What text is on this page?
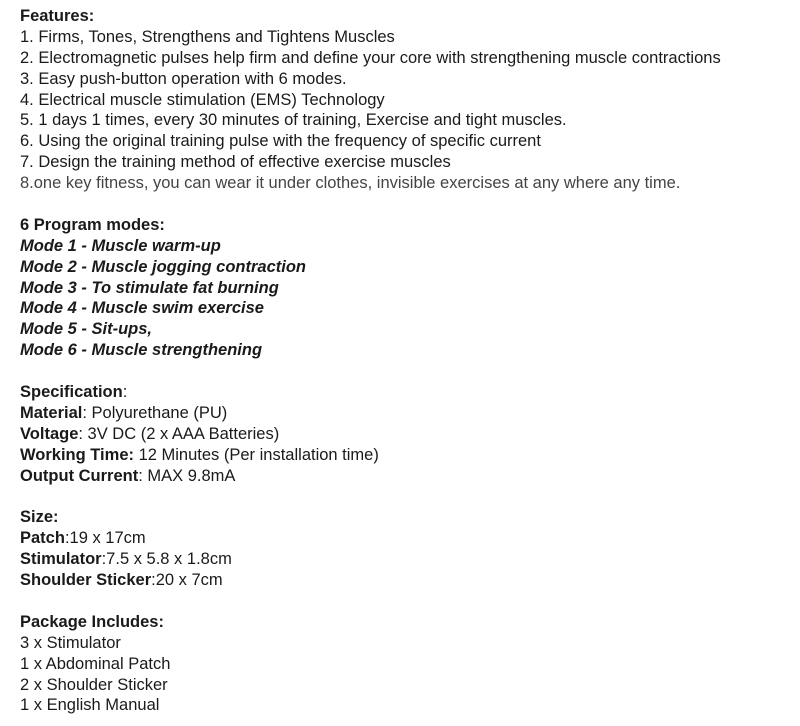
Features:
1. Firms, Tones, Strengthens and Tightens Muscles
2. Electromagnetic pulses help firm and define your core with strengthening muscle contractions
3. Easy push-button operation with 6 modes.
4. Electrical muscle stimulation (EMS) Technology
5. 1 days 1 times, every 30 minutes of training, Exercise and tight muscles.
6. Using the original training pulse with the frequency of specific current
7. Design the training method of effective exercise muscles
8.one key fitness, you can wear it under clothes, invisible exercises at any where any time.
6 Program modes:
Mode 1 - Muscle warm-up
Mode 2 - Muscle jogging contraction
Mode 3 - To stimulate fat burning
Mode 4 - Muscle swim exercise
Mode 5 - Sit-ups,
Mode 6 - Muscle strengthening
Specification:
Material: Polyurethane (PU)
Voltage: 3V DC (2 x AAA Batteries)
Working Time: 12 Minutes (Per installation time)
Output Current: MAX 9.8mA
Size:
Patch:19 x 17cm
Stimulator:7.5 x 5.8 x 1.8cm
Shoulder Sticker:20 x 7cm
Package Includes:
3 x Stimulator
1 x Abdominal Patch
2 x Shoulder Sticker
1 x English Manual
